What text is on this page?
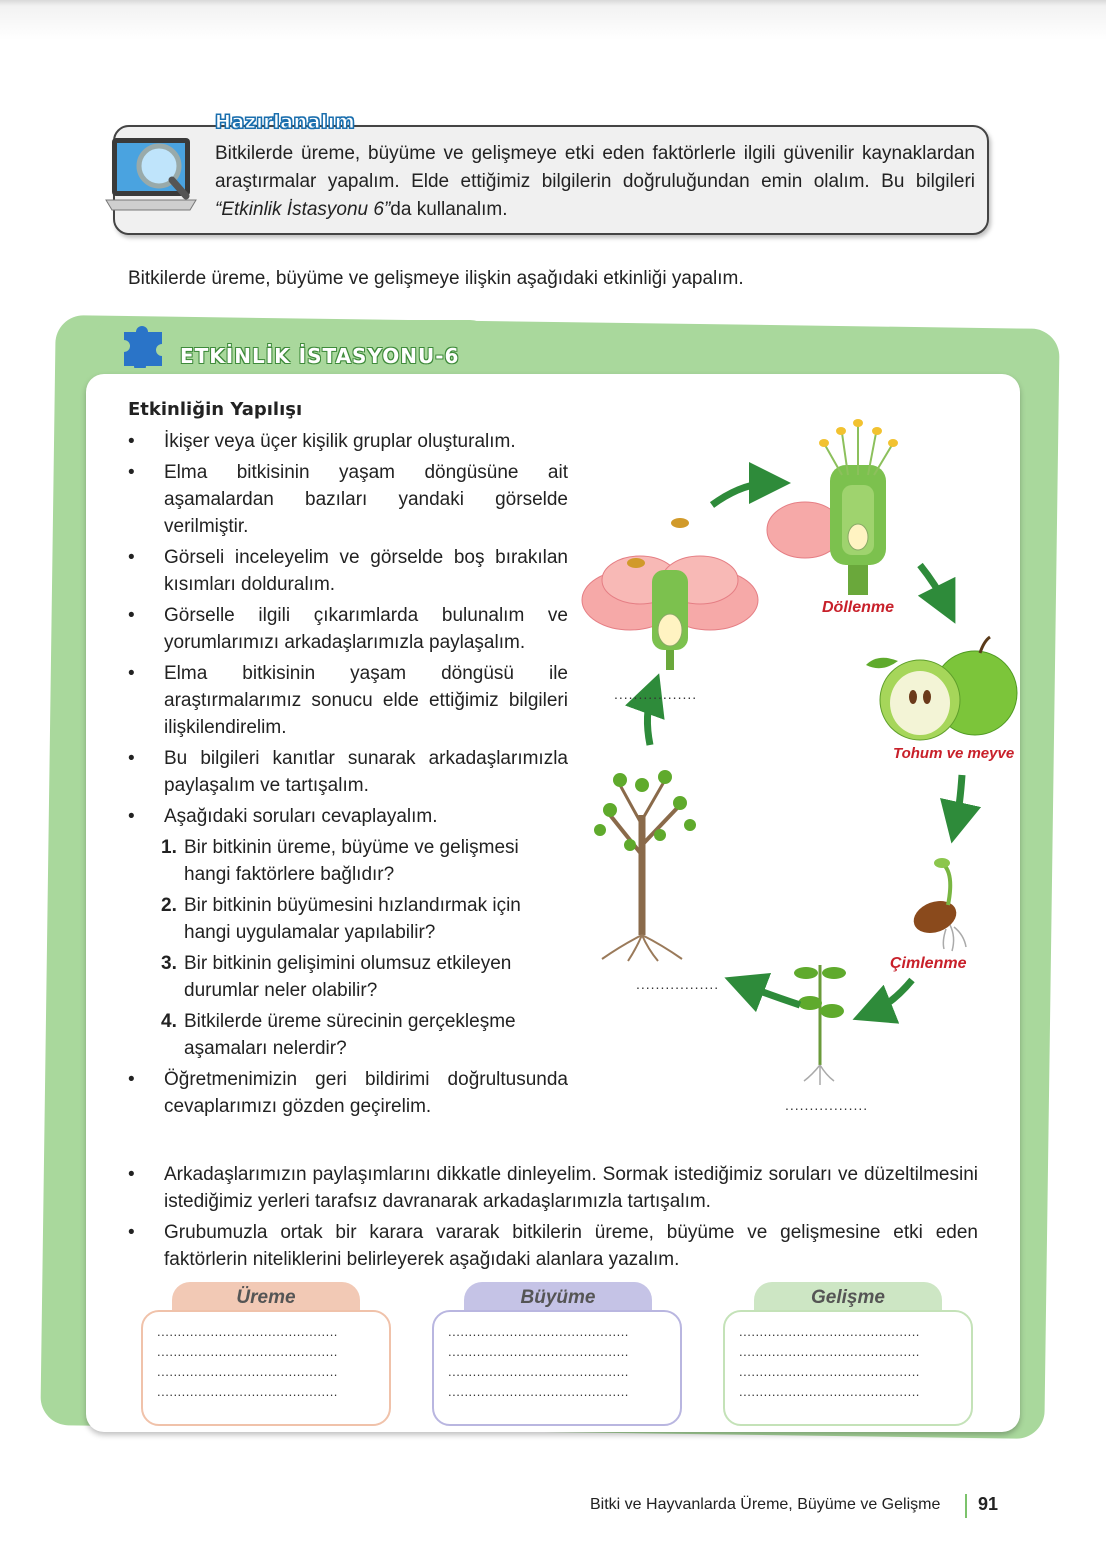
Hazırlanalım
Bitkilerde üreme, büyüme ve gelişmeye etki eden faktörlerle ilgili güvenilir kaynaklardan araştırmalar yapalım. Elde ettiğimiz bilgilerin doğruluğundan emin olalım. Bu bilgileri “Etkinlik İstasyonu 6”da kullanalım.
Bitkilerde üreme, büyüme ve gelişmeye ilişkin aşağıdaki etkinliği yapalım.
ETKİNLİK İSTASYONU-6
Etkinliğin Yapılışı
• İkişer veya üçer kişilik gruplar oluşturalım.
• Elma bitkisinin yaşam döngüsüne ait aşamalardan bazıları yandaki görselde verilmiştir.
• Görseli inceleyelim ve görselde boş bırakılan kısımları dolduralım.
• Görselle ilgili çıkarımlarda bulunalım ve yorumlarımızı arkadaşlarımızla paylaşalım.
• Elma bitkisinin yaşam döngüsü ile araştırmalarımız sonucu elde ettiğimiz bilgileri ilişkilendirelim.
• Bu bilgileri kanıtlar sunarak arkadaşlarımızla paylaşalım ve tartışalım.
• Aşağıdaki soruları cevaplayalım.
1. Bir bitkinin üreme, büyüme ve gelişmesi hangi faktörlere bağlıdır?
2. Bir bitkinin büyümesini hızlandırmak için hangi uygulamalar yapılabilir?
3. Bir bitkinin gelişimini olumsuz etkileyen durumlar neler olabilir?
4. Bitkilerde üreme sürecinin gerçekleşme aşamaları nelerdir?
• Öğretmenimizin geri bildirimi doğrultusunda cevaplarımızı gözden geçirelim.
• Arkadaşlarımızın paylaşımlarını dikkatle dinleyelim. Sormak istediğimiz soruları ve düzeltilmesini istediğimiz yerleri tarafsız davranarak arkadaşlarımızla tartışalım.
• Grubumuzla ortak bir karara vararak bitkilerin üreme, büyüme ve gelişmesine etki eden faktörlerin niteliklerini belirleyerek aşağıdaki alanlara yazalım.
Döllenme
Tohum ve meyve
Çimlenme
.................
.................
.................
Üreme
............................................
............................................
............................................
............................................
Büyüme
............................................
............................................
............................................
............................................
Gelişme
............................................
............................................
............................................
............................................
Bitki ve Hayvanlarda Üreme, Büyüme ve Gelişme 91
